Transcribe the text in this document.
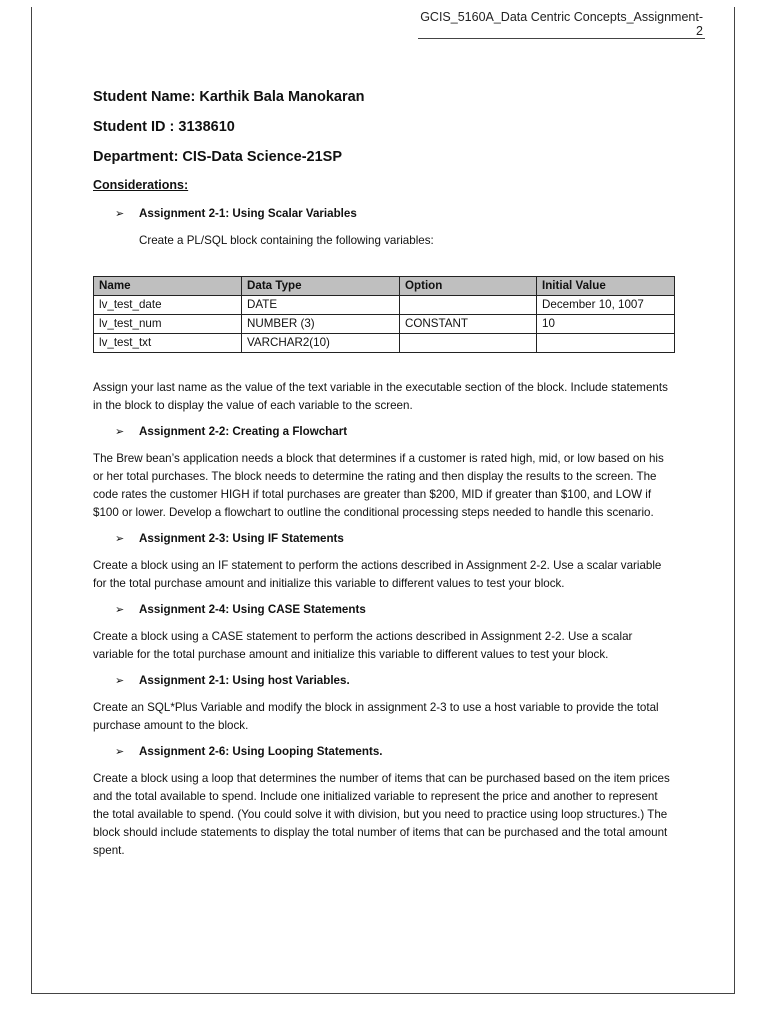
GCIS_5160A_Data Centric Concepts_Assignment-2

Student Name: Karthik Bala Manokaran

Student ID : 3138610

Department: CIS-Data Science-21SP

Considerations:

➢	Assignment 2-1: Using Scalar Variables

Create a PL/SQL block containing the following variables:

Name	Data Type	Option	Initial Value
lv_test_date	DATE		December 10, 1007
lv_test_num	NUMBER (3)	CONSTANT	10
lv_test_txt	VARCHAR2(10)		

Assign your last name as the value of the text variable in the executable section of the block. Include statements in the block to display the value of each variable to the screen.

➢	Assignment 2-2: Creating a Flowchart

The Brew bean’s application needs a block that determines if a customer is rated high, mid, or low based on his or her total purchases. The block needs to determine the rating and then display the results to the screen. The code rates the customer HIGH if total purchases are greater than $200, MID if greater than $100, and LOW if $100 or lower. Develop a flowchart to outline the conditional processing steps needed to handle this scenario.

➢	Assignment 2-3: Using IF Statements

Create a block using an IF statement to perform the actions described in Assignment 2-2. Use a scalar variable for the total purchase amount and initialize this variable to different values to test your block.

➢	Assignment 2-4: Using CASE Statements

Create a block using a CASE statement to perform the actions described in Assignment 2-2. Use a scalar variable for the total purchase amount and initialize this variable to different values to test your block.

➢	Assignment 2-1: Using host Variables.

Create an SQL*Plus Variable and modify the block in assignment 2-3 to use a host variable to provide the total purchase amount to the block.

➢	Assignment 2-6: Using Looping Statements.

Create a block using a loop that determines the number of items that can be purchased based on the item prices and the total available to spend. Include one initialized variable to represent the price and another to represent the total available to spend. (You could solve it with division, but you need to practice using loop structures.) The block should include statements to display the total number of items that can be purchased and the total amount spent.
